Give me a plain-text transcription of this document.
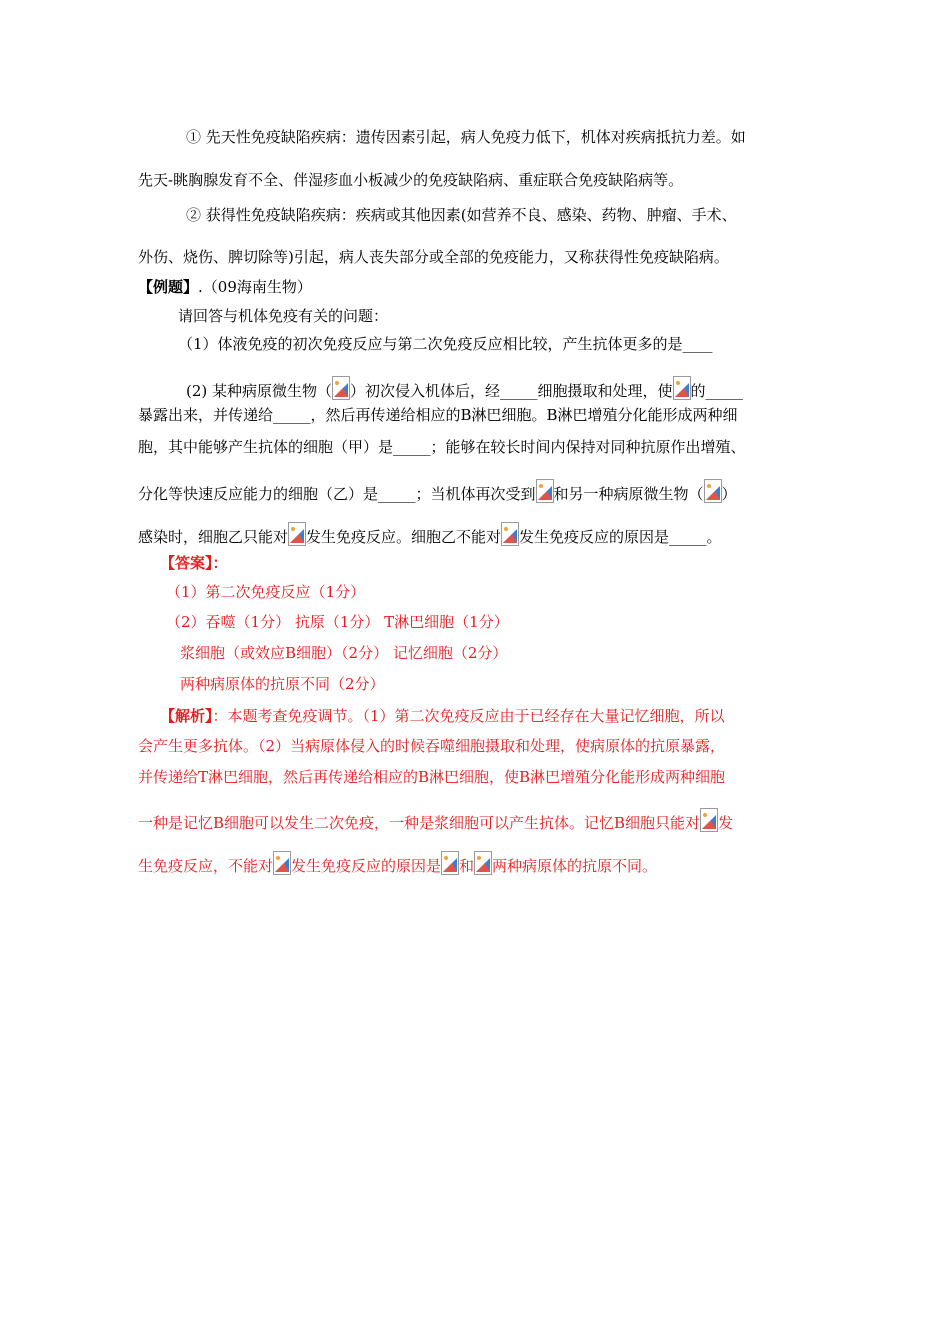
① 先天性免疫缺陷疾病：遗传因素引起，病人免疫力低下，机体对疾病抵抗力差。如
先天-眺胸腺发育不全、伴湿疹血小板减少的免疫缺陷病、重症联合免疫缺陷病等。
② 获得性免疫缺陷疾病：疾病或其他因素(如营养不良、感染、药物、肿瘤、手术、
外伤、烧伤、脾切除等)引起，病人丧失部分或全部的免疫能力，又称获得性免疫缺陷病。
【例题】.（09海南生物）
请回答与机体免疫有关的问题：
（1）体液免疫的初次免疫反应与第二次免疫反应相比较，产生抗体更多的是____
(2) 某种病原微生物（ ）初次侵入机体后，经_____细胞摄取和处理，使 的_____
暴露出来，并传递给_____，然后再传递给相应的B淋巴细胞。B淋巴增殖分化能形成两种细
胞，其中能够产生抗体的细胞（甲）是_____；能够在较长时间内保持对同种抗原作出增殖、
分化等快速反应能力的细胞（乙）是_____；当机体再次受到 和另一种病原微生物（ ）
感染时，细胞乙只能对 发生免疫反应。细胞乙不能对 发生免疫反应的原因是_____。
【答案】：
（1）第二次免疫反应（1分）
（2）吞噬（1分） 抗原（1分） T淋巴细胞（1分）
浆细胞（或效应B细胞）（2分） 记忆细胞（2分）
两种病原体的抗原不同（2分）
【解析】：本题考查免疫调节。（1）第二次免疫反应由于已经存在大量记忆细胞，所以
会产生更多抗体。（2）当病原体侵入的时候吞噬细胞摄取和处理，使病原体的抗原暴露，
并传递给T淋巴细胞，然后再传递给相应的B淋巴细胞，使B淋巴增殖分化能形成两种细胞
一种是记忆B细胞可以发生二次免疫，一种是浆细胞可以产生抗体。记忆B细胞只能对 发
生免疫反应，不能对 发生免疫反应的原因是 和 两种病原体的抗原不同。
